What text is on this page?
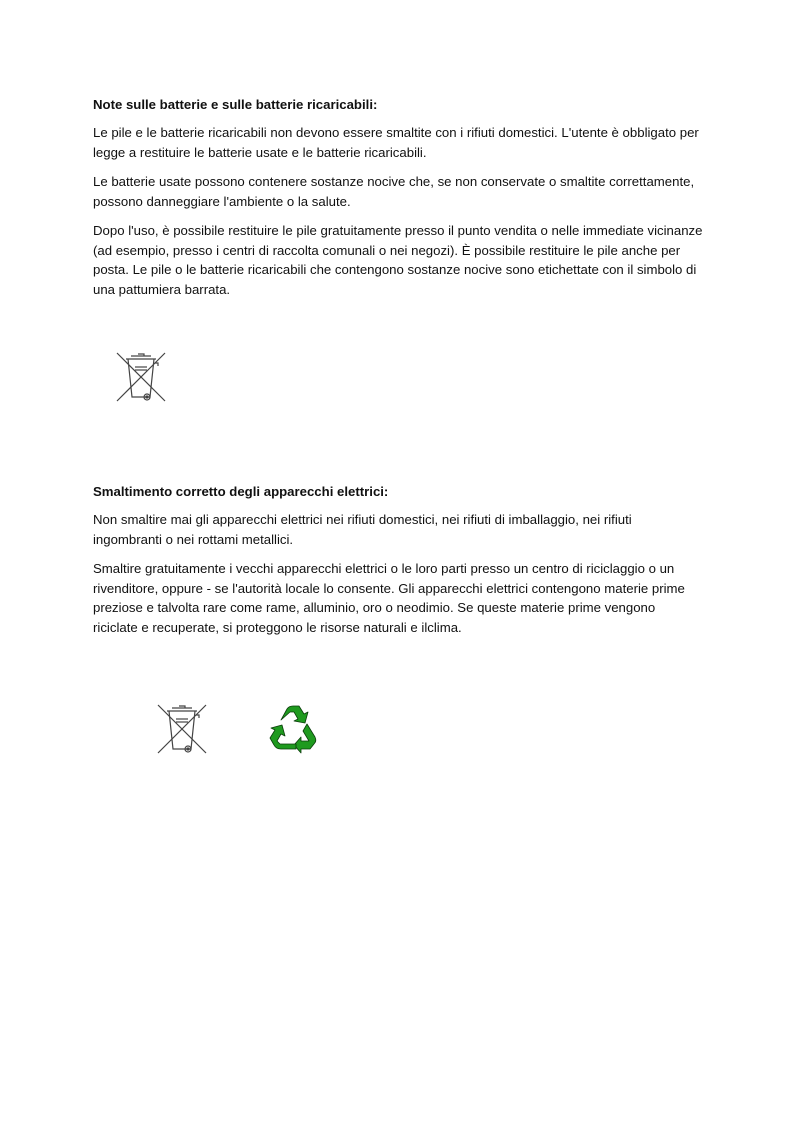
Note sulle batterie e sulle batterie ricaricabili:

Le pile e le batterie ricaricabili non devono essere smaltite con i rifiuti domestici. L'utente è obbligato per legge a restituire le batterie usate e le batterie ricaricabili.

Le batterie usate possono contenere sostanze nocive che, se non conservate o smaltite correttamente, possono danneggiare l'ambiente o la salute.

Dopo l'uso, è possibile restituire le pile gratuitamente presso il punto vendita o nelle immediate vicinanze (ad esempio, presso i centri di raccolta comunali o nei negozi). È possibile restituire le pile anche per posta. Le pile o le batterie ricaricabili che contengono sostanze nocive sono etichettate con il simbolo di una pattumiera barrata.

Smaltimento corretto degli apparecchi elettrici:

Non smaltire mai gli apparecchi elettrici nei rifiuti domestici, nei rifiuti di imballaggio, nei rifiuti ingombranti o nei rottami metallici.

Smaltire gratuitamente i vecchi apparecchi elettrici o le loro parti presso un centro di riciclaggio o un rivenditore, oppure - se l'autorità locale lo consente. Gli apparecchi elettrici contengono materie prime preziose e talvolta rare come rame, alluminio, oro o neodimio. Se queste materie prime vengono riciclate e recuperate, si proteggono le risorse naturali e ilclima.
